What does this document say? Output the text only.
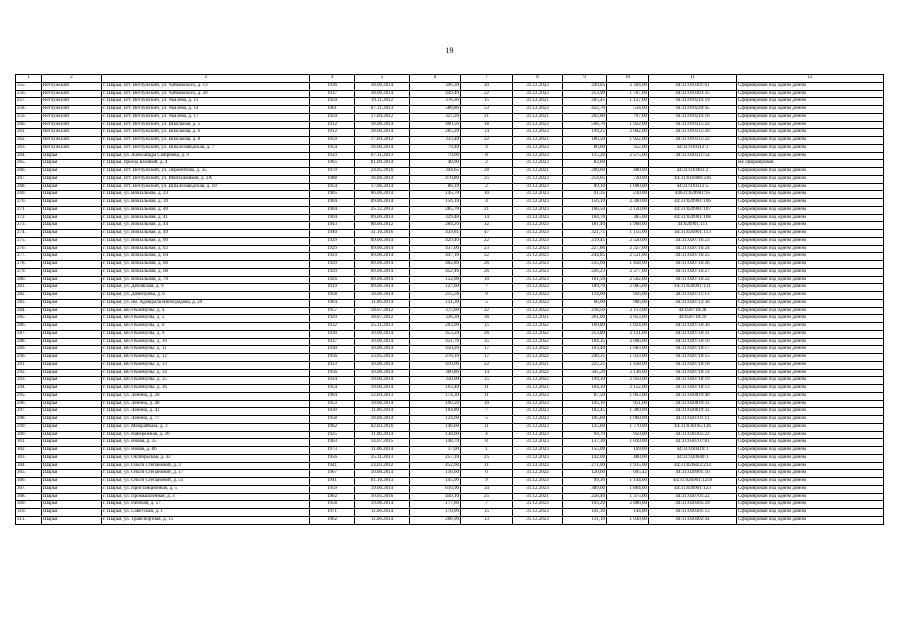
19
1	2	3	4	5	6	7	8	9	10	11	12
255.	Ветлужский	г. Шарья, пгт. Ветлужский, ул. Чайковского, д. 13	1936	18.06.2014	396,30	20	31.12.2023	249,05	2 394,00	44:31:010301:61	Сформирован под одним домом
256.	Ветлужский	г. Шарья, пгт. Ветлужский, ул. Чайковского, д. 20	1937	18.06.2014	449,40	22	31.12.2023	253,90	1 767,00	44:31:010303:35	Сформирован под одним домом
257.	Ветлужский	г. Шарья, пгт. Ветлужский, ул. Чкалова, д. 11	1959	19.11.2012	376,30	15	31.12.2021	205,45	1 127,00	44:31:010219:19	Сформирован под одним домом
258.	Ветлужский	г. Шарья, пгт. Ветлужский, ул. Чкалова, д. 14	1961	07.11.2013	588,80	53	31.12.2023	422,70	534,00	44:31:010220:45	Сформирован под одним домом
259.	Ветлужский	г. Шарья, пгт. Ветлужский, ул. Чкалова, д. 17	1959	17.04.2012	327,20	21	31.12.2021	202,80	797,00	44:31:010219:16	Сформирован под одним домом
260.	Ветлужский	г. Шарья, пгт. Ветлужский, ул. Школьная, д. 5	1912	18.06.2014	400,50	18	31.12.2023	508,70	1 922,00	44:31:010315:22	Сформирован под одним домом
261.	Ветлужский	г. Шарья, пгт. Ветлужский, ул. Школьная, д. 6	1912	18.06.2014	205,20	14	31.12.2023	199,25	2 002,00	44:31:010315:20	Сформирован под одним домом
262.	Ветлужский	г. Шарья, пгт. Ветлужский, ул. Школьная, д. 8	1959	17.04.2012	333,40	22	31.12.2021	186,50	1 922,00	44:31:010315:22	Сформирован под одним домом
263.	Ветлужский	г. Шарья, пгт. Ветлужский, ул. Шпалозаводская, д. 7	1954	16.06.2014	79,40	4	31.12.2023	80,00	352,00	44:31:010312:1	Сформирован под одним домом
264.	Шарья	г. Шарья, ул. Александра Смирнова, д. 9	1933	07.11.2013	79,00	8	31.12.2023	115,20	2 575,00	44:31:030311:54	Сформирован под одним домом
265.	Шарья	г. Шарья, проезд Базовый, д. 4	1965	01.09.2014	48,90	2	31.12.2023	82,00			Не сформирован
266.	Шарья	г. Шарья, пгт. Ветлужский, ул. Лермонтова, д. 35	1970	24.05.2016	344,65	28	31.12.2021	200,60	480,00	44:31:010402:2	Сформирован под одним домом
267.	Шарья	г. Шарья, пгт. Ветлужский, ул. Монтажников, д. 2А	1988	16.06.2014	470,80	25	31.12.2023	254,05	720,00	44:31:010408:236	Сформирован под одним домом
268.	Шарья	г. Шарья, пгт. Ветлужский, ул. Шпалозаводская, д. 10	1954	17.06.2014	88,10	2	31.12.2023	89,10	1 000,00	44:31:010312:5	Сформирован под одним домом
269.	Шарья	г. Шарья, ул. Вокзальная, д. 23	1905	06.06.2014	145,70	10	31.12.2023	91,35	230,00	44631:020901:95	Сформирован под одним домом
270.	Шарья	г. Шарья, ул. Вокзальная, д. 39	1904	09.06.2014	156,10	4	31.12.2023	156,10	2 300,00	44:31:020901:106	Сформирован под одним домом
271.	Шарья	г. Шарья, ул. Вокзальная, д. 40	1904	25.12.2013	285,70	21	31.12.2023	166,50	2 120,00	44:31:020901:107	Сформирован под одним домом
272.	Шарья	г. Шарья, ул. Вокзальная, д. 41	1904	09.06.2014	329,40	14	31.12.2023	164,70	385,00	44:31:020901:108	Сформирован под одним домом
273.	Шарья	г. Шарья, ул. Вокзальная, д. 44	1943	08.06.2012	284,20	32	31.12.2023	181,40	1 908,00	44:020901:111	Сформирован под одним домом
274.	Шарья	г. Шарья, ул. Вокзальная, д. 49	1940	31.10.2016	439,81	47	31.12.2023	321,75	1 155,00	44:31:020901:113	Сформирован под одним домом
275.	Шарья	г. Шарья, ул. Вокзальная, д. 60	1929	09.06.2014	429,40	22	31.12.2023	219,45	2 520,00	44:31:020716:23	Сформирован под одним домом
276.	Шарья	г. Шарья, ул. Вокзальная, д. 62	1929	09.06.2014	437,00	23	31.12.2023	227,80	2 327,00	44:31:020716:24	Сформирован под одним домом
277.	Шарья	г. Шарья, ул. Вокзальная, д. 64	1929	09.06.2014	447,10	22	31.12.2023	244,85	2 531,00	44:31:020716:25	Сформирован под одним домом
278.	Шарья	г. Шарья, ул. Вокзальная, д. 66	1929	09.06.2014	462,80	26	31.12.2023	235,60	1 458,00	44:31:020716:26	Сформирован под одним домом
279.	Шарья	г. Шарья, ул. Вокзальная, д. 68	1929	09.06.2014	452,46	26	31.12.2023	226,23	2 377,00	44:31:020716:27	Сформирован под одним домом
280.	Шарья	г. Шарья, ул. Вокзальная, д. 70	1926	09.06.2014	152,00	10	31.12.2023	101,50	2 562,00	44:31:020716:22	Сформирован под одним домом
281.	Шарья	г. Шарья, ул. Деповская, д. 9	1919	09.06.2014	127,60	7	31.12.2023	189,70	2 085,00	44:31:020901:131	Сформирован под одним домом
282.	Шарья	г. Шарья, ул. Димитрова, д. 6	1958	10.06.2014	215,50	9	31.12.2023	114,00	956,00	44:31:020711:13	Сформирован под одним домом
283.	Шарья	г. Шарья, ул. им. Адмирала Виноградова, д. 29	1964	11.06.2014	131,30	5	31.12.2023	66,00	966,00	44:31:020713:30	Сформирован под одним домом
284.	Шарья	г. Шарья, кв-л Коммуны, д. 4	1957	18.07.2012	375,00	22	31.12.2022	218,50	2 113,00	44:020718:28	Сформирован под одним домом
285.	Шарья	г. Шарья, кв-л Коммуны, д. 5	1929	18.07.2012	336,30	36	31.12.2021	201,60	2 053,00	44:020718:29	Сформирован под одним домом
286.	Шарья	г. Шарья, кв-л Коммуны, д. 6	1932	25.11.2013	293,90	15	31.12.2022	169,80	1 824,00	44:31:020718:30	Сформирован под одним домом
287.	Шарья	г. Шарья, кв-л Коммуны, д. 9	1930	10.06.2014	453,20	26	31.12.2022	253,80	2 121,00	44:31:020718:31	Сформирован под одним домом
288.	Шарья	г. Шарья, кв-л Коммуны, д. 10	1937	10.06.2014	451,70	35	31.12.2022	104,35	2 006,00	44:31:020718:16	Сформирован под одним домом
289.	Шарья	г. Шарья, кв-л Коммуны, д. 11	1930	10.06.2014	450,20	17	31.12.2022	103,40	1 683,00	44:31:020718:17	Сформирован под одним домом
290.	Шарья	г. Шарья, кв-л Коммуны, д. 12	1956	23.05.2014	276,10	17	31.12.2022	240,35	1 933,00	44:31:020718:15	Сформирован под одним домом
291.	Шарья	г. Шарья, кв-л Коммуны, д. 13	1933	10.06.2014	410,00	22	31.12.2021	222,25	1 438,00	44:31:020718:18	Сформирован под одним домом
292.	Шарья	г. Шарья, кв-л Коммуны, д. 14	1956	10.06.2014	300,80	14	31.12.2022	345,20	2 136,00	44:31:020718:14	Сформирован под одним домом
293.	Шарья	г. Шарья, кв-л Коммуны, д. 15	1934	10.06.2014	330,00	15	31.12.2022	199,30	2 950,00	44:31:020718:19	Сформирован под одним домом
294.	Шарья	г. Шарья, кв-л Коммуны, д. 16	1954	10.06.2014	193,40	11	31.12.2021	104,30	2 152,00	44:31:020718:13	Сформирован под одним домом
295.	Шарья	г. Шарья, ул. Ленина, д. 20	1964	12.04.2013	174,30	11	31.12.2023	87,50	1 063,00	44:31:020819:40	Сформирован под одним домом
296.	Шарья	г. Шарья, ул. Ленина, д. 40	1953	10.06.2014	190,20	10	31.12.2023	145,10	951,00	44:31:020819:31	Сформирован под одним домом
297.	Шарья	г. Шарья, ул. Ленина, д. 42	1930	11.06.2014	104,80	7	31.12.2023	102,45	1 389,00	44:31:020819:32	Сформирован под одним домом
298.	Шарья	г. Шарья, ул. Ленина, д. 77	1958	18.06.2014	124,60	5	31.12.2023	105,00	1 069,00	44:31:020701:11	Сформирован под одним домом
299.	Шарья	г. Шарья, ул. Межрайбаза, д. 3	1962	02.03.2016	146,60	11	31.12.2023	125,00	1 770,00	44:31:030105:126	Сформирован под одним домом
300.	Шарья	г. Шарья, ул. Набережная, д. 26	1925	11.06.2014	138,00	4	31.12.2023	94,70	950,00	44:31:030305:22	Сформирован под одним домом
301.	Шарья	г. Шарья, ул. Новая, д. 35	1963	14.07.2015	148,70	8	31.12.2023	137,30	1 010,00	44:31:030707:81	Сформирован под одним домом
302.	Шарья	г. Шарья, ул. Новая, д. 86	1973	11.06.2014	17,00	1	31.12.2023	155,00	169,00	44:31:030410:1	Сформирован под одним домом
303.	Шарья	г. Шарья, ул. Октябрьская, д. 43	1956	25.11.2013	257,10	25	31.12.2023	142,00	480,00	44:31:020640:1	Сформирован под одним домом
304.	Шарья	г. Шарья, ул. Ольги Степановой, д. 3	1941	23.03.2012	452,60	31	31.12.2023	271,00	1 935,00	44:31:020823:213	Сформирован под одним домом
305.	Шарья	г. Шарья, ул. Ольги Степановой, д. 17	1967	10.06.2014	116,60	6	31.12.2022	120,60	605,42	44:31:020901:10	Сформирован под одним домом
306.	Шарья	г. Шарья, ул. Ольги Степановой, д. 51	1941	01.10.2013	145,90	9	31.12.2023	99,30	1 144,00	44:31:020901:1259	Сформирован под одним домом
307.	Шарья	г. Шарья, ул. Пристанционная, д. 5	1959	19.06.2014	616,90	34	31.12.2023	389,60	1 864,00	44:31:020901:123	Сформирован под одним домом
308.	Шарья	г. Шарья, ул. Промышленная, д. 3	1962	10.05.2016	449,10	25	31.12.2021	258,40	1 375,00	44:31:020701:22	Сформирован под одним домом
309.	Шарья	г. Шарья, ул. Рабочая, д. 57	1958	19.06.2014	177,60	7	31.12.2023	103,20	2 886,00	44:31:020305:29	Сформирован под одним домом
310.	Шарья	г. Шарья, ул. Советская, д. 1	1971	11.06.2014	170,90	15	31.12.2023	141,30	144,00	44:31:030301:15	Сформирован под одним домом
311.	Шарья	г. Шарья, ул. Транспортная, д. 15	1962	11.06.2014	206,90	13	31.12.2023	131,10	1 030,00	44:31:030402:44	Сформирован под одним домом
